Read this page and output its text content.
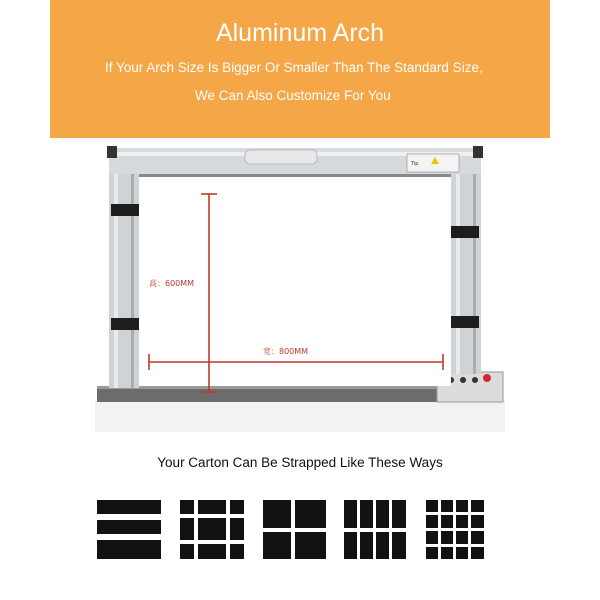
Aluminum Arch
If Your Arch Size Is Bigger Or Smaller Than The Standard Size,
We Can Also Customize For You
Tip
高：600MM
宽：800MM
Your Carton Can Be Strapped Like These Ways
